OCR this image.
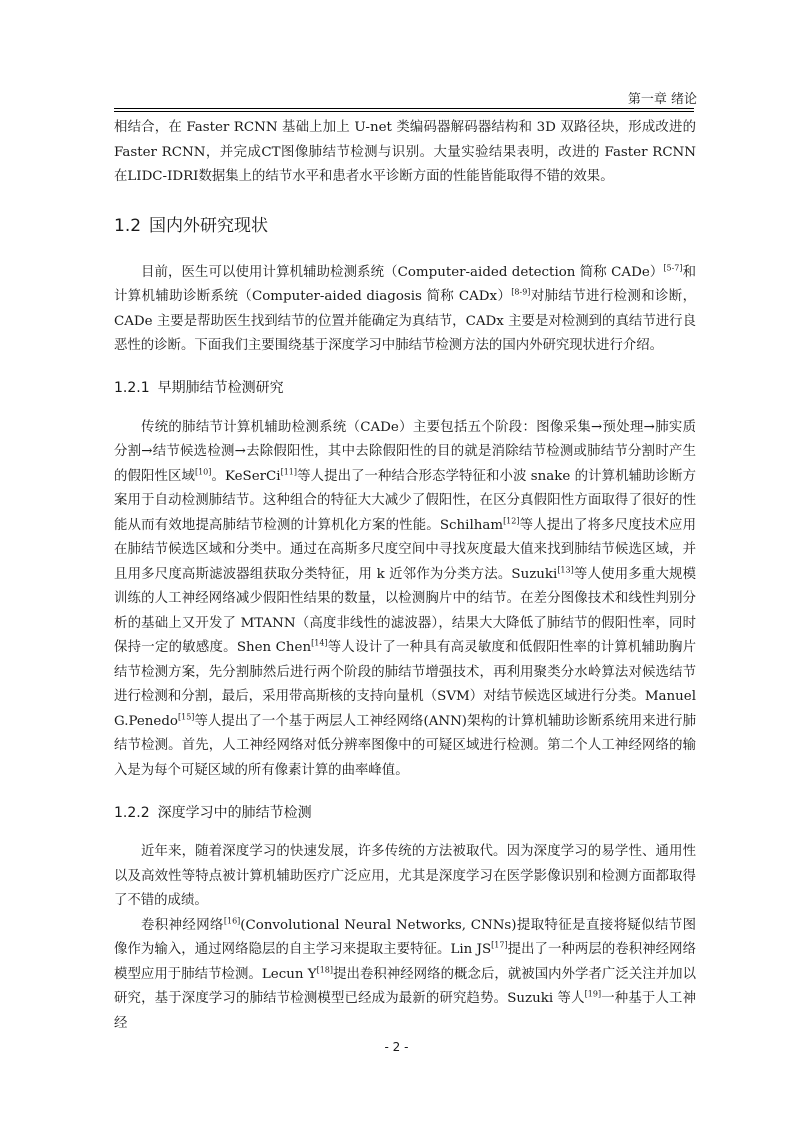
第一章 绪论

相结合，在 Faster RCNN 基础上加上 U-net 类编码器解码器结构和 3D 双路径块，形成改进的 Faster RCNN，并完成CT图像肺结节检测与识别。大量实验结果表明，改进的 Faster RCNN 在LIDC-IDRI数据集上的结节水平和患者水平诊断方面的性能皆能取得不错的效果。

1.2 国内外研究现状

目前，医生可以使用计算机辅助检测系统（Computer-aided detection 简称 CADe）[5-7]和计算机辅助诊断系统（Computer-aided diagosis 简称 CADx）[8-9]对肺结节进行检测和诊断，CADe 主要是帮助医生找到结节的位置并能确定为真结节，CADx 主要是对检测到的真结节进行良恶性的诊断。下面我们主要围绕基于深度学习中肺结节检测方法的国内外研究现状进行介绍。

1.2.1 早期肺结节检测研究

传统的肺结节计算机辅助检测系统（CADe）主要包括五个阶段：图像采集→预处理→肺实质分割→结节候选检测→去除假阳性，其中去除假阳性的目的就是消除结节检测或肺结节分割时产生的假阳性区域[10]。KeSerCi[11]等人提出了一种结合形态学特征和小波 snake 的计算机辅助诊断方案用于自动检测肺结节。这种组合的特征大大减少了假阳性，在区分真假阳性方面取得了很好的性能从而有效地提高肺结节检测的计算机化方案的性能。Schilham[12]等人提出了将多尺度技术应用在肺结节候选区域和分类中。通过在高斯多尺度空间中寻找灰度最大值来找到肺结节候选区域，并且用多尺度高斯滤波器组获取分类特征，用 k 近邻作为分类方法。Suzuki[13]等人使用多重大规模训练的人工神经网络减少假阳性结果的数量，以检测胸片中的结节。在差分图像技术和线性判别分析的基础上又开发了 MTANN（高度非线性的滤波器），结果大大降低了肺结节的假阳性率，同时保持一定的敏感度。Shen Chen[14]等人设计了一种具有高灵敏度和低假阳性率的计算机辅助胸片结节检测方案，先分割肺然后进行两个阶段的肺结节增强技术，再利用聚类分水岭算法对候选结节进行检测和分割，最后，采用带高斯核的支持向量机（SVM）对结节候选区域进行分类。Manuel G.Penedo[15]等人提出了一个基于两层人工神经网络(ANN)架构的计算机辅助诊断系统用来进行肺结节检测。首先，人工神经网络对低分辨率图像中的可疑区域进行检测。第二个人工神经网络的输入是为每个可疑区域的所有像素计算的曲率峰值。

1.2.2 深度学习中的肺结节检测

近年来，随着深度学习的快速发展，许多传统的方法被取代。因为深度学习的易学性、通用性以及高效性等特点被计算机辅助医疗广泛应用，尤其是深度学习在医学影像识别和检测方面都取得了不错的成绩。

卷积神经网络[16](Convolutional Neural Networks, CNNs)提取特征是直接将疑似结节图像作为输入，通过网络隐层的自主学习来提取主要特征。Lin JS[17]提出了一种两层的卷积神经网络模型应用于肺结节检测。Lecun Y[18]提出卷积神经网络的概念后，就被国内外学者广泛关注并加以研究，基于深度学习的肺结节检测模型已经成为最新的研究趋势。Suzuki 等人[19]一种基于人工神经

- 2 -
